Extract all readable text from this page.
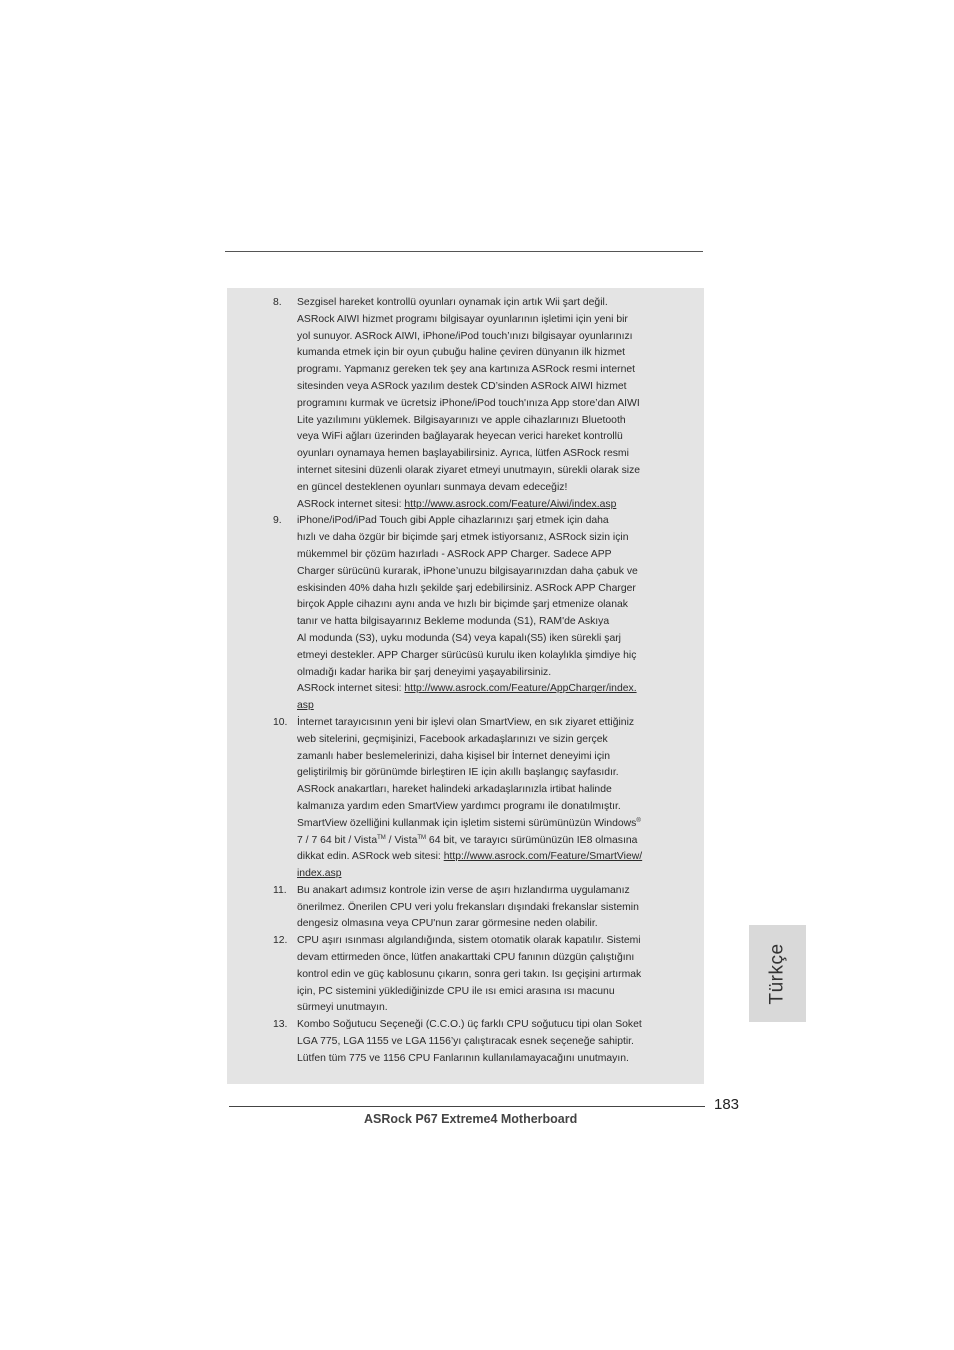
8. Sezgisel hareket kontrollü oyunları oynamak için artık Wii şart değil.
ASRock AIWI hizmet programı bilgisayar oyunlarının işletimi için yeni bir
yol sunuyor. ASRock AIWI, iPhone/iPod touch’ınızı bilgisayar oyunlarınızı
kumanda etmek için bir oyun çubuğu haline çeviren dünyanın ilk hizmet
programı. Yapmanız gereken tek şey ana kartınıza ASRock resmi internet
sitesinden veya ASRock yazılım destek CD’sinden ASRock AIWI hizmet
programını kurmak ve ücretsiz iPhone/iPod touch'ınıza App store’dan AIWI
Lite yazılımını yüklemek. Bilgisayarınızı ve apple cihazlarınızı Bluetooth
veya WiFi ağları üzerinden bağlayarak heyecan verici hareket kontrollü
oyunları oynamaya hemen başlayabilirsiniz. Ayrıca, lütfen ASRock resmi
internet sitesini düzenli olarak ziyaret etmeyi unutmayın, sürekli olarak size
en güncel desteklenen oyunları sunmaya devam edeceğiz!
ASRock internet sitesi: http://www.asrock.com/Feature/Aiwi/index.asp
9. iPhone/iPod/iPad Touch gibi Apple cihazlarınızı şarj etmek için daha
hızlı ve daha özgür bir biçimde şarj etmek istiyorsanız, ASRock sizin için
mükemmel bir çözüm hazırladı - ASRock APP Charger. Sadece APP
Charger sürücünü kurarak, iPhone’unuzu bilgisayarınızdan daha çabuk ve
eskisinden 40% daha hızlı şekilde şarj edebilirsiniz. ASRock APP Charger
birçok Apple cihazını aynı anda ve hızlı bir biçimde şarj etmenize olanak
tanır ve hatta bilgisayarınız Bekleme modunda (S1), RAM'de Askıya
Al modunda (S3), uyku modunda (S4) veya kapalı(S5) iken sürekli şarj
etmeyi destekler. APP Charger sürücüsü kurulu iken kolaylıkla şimdiye hiç
olmadığı kadar harika bir şarj deneyimi yaşayabilirsiniz.
ASRock internet sitesi: http://www.asrock.com/Feature/AppCharger/index.
asp
10. İnternet tarayıcısının yeni bir işlevi olan SmartView, en sık ziyaret ettiğiniz
web sitelerini, geçmişinizi, Facebook arkadaşlarınızı ve sizin gerçek
zamanlı haber beslemelerinizi, daha kişisel bir İnternet deneyimi için
geliştirilmiş bir görünümde birleştiren IE için akıllı başlangıç sayfasıdır.
ASRock anakartları, hareket halindeki arkadaşlarınızla irtibat halinde
kalmanıza yardım eden SmartView yardımcı programı ile donatılmıştır.
SmartView özelliğini kullanmak için işletim sistemi sürümünüzün Windows®
7 / 7 64 bit / Vista™ / Vista™ 64 bit, ve tarayıcı sürümünüzün IE8 olmasına
dikkat edin. ASRock web sitesi: http://www.asrock.com/Feature/SmartView/
index.asp
11. Bu anakart adımsız kontrole izin verse de aşırı hızlandırma uygulamanız
önerilmez. Önerilen CPU veri yolu frekansları dışındaki frekanslar sistemin
dengesiz olmasına veya CPU'nun zarar görmesine neden olabilir.
12. CPU aşırı ısınması algılandığında, sistem otomatik olarak kapatılır. Sistemi
devam ettirmeden önce, lütfen anakarttaki CPU fanının düzgün çalıştığını
kontrol edin ve güç kablosunu çıkarın, sonra geri takın. Isı geçişini artırmak
için, PC sistemini yüklediğinizde CPU ile ısı emici arasına ısı macunu
sürmeyi unutmayın.
13. Kombo Soğutucu Seçeneği (C.C.O.) üç farklı CPU soğutucu tipi olan Soket
LGA 775, LGA 1155 ve LGA 1156’yı çalıştıracak esnek seçeneğe sahiptir.
Lütfen tüm 775 ve 1156 CPU Fanlarının kullanılamayacağını unutmayın.
Türkçe
183
ASRock P67 Extreme4 Motherboard
